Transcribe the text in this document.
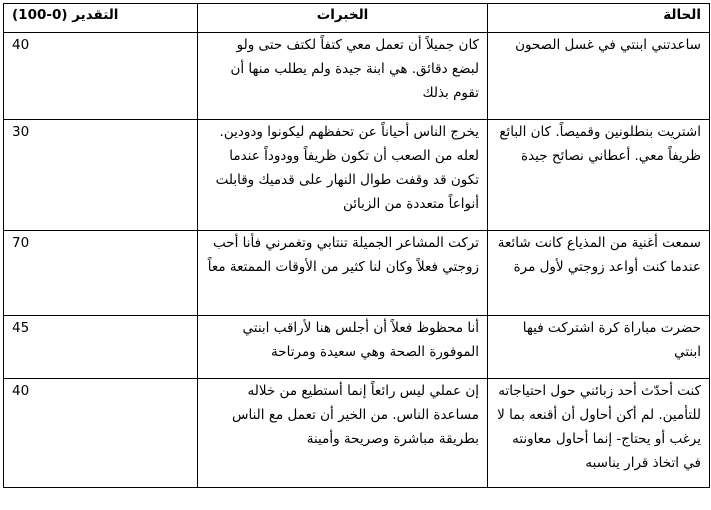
الحالة	الخبرات	التقدير (0-100)
ساعدتني ابنتي في غسل الصحون	كان جميلاً أن تعمل معي كتفاً لكتف حتى ولو لبضع دقائق. هي ابنة جيدة ولم يطلب منها أن تقوم بذلك	40
اشتريت بنطلونين وقميصاً. كان البائع ظريفاً معي. أعطاني نصائح جيدة	يخرج الناس أحياناً عن تحفظهم ليكونوا ودودين. لعله من الصعب أن تكون ظريفاً وودوداً عندما تكون قد وقفت طوال النهار على قدميك وقابلت أنواعاً متعددة من الزبائن	30
سمعت أغنية من المذياع كانت شائعة عندما كنت أواعد زوجتي لأول مرة	تركت المشاعر الجميلة تنتابي وتغمرني فأنا أحب زوجتي فعلاً وكان لنا كثير من الأوقات الممتعة معاً	70
حضرت مباراة كرة اشتركت فيها ابنتي	أنا محظوظ فعلاً أن أجلس هنا لأراقب ابنتي الموفورة الصحة وهي سعيدة ومرتاحة	45
كنت أحدّث أحد زبائني حول احتياجاته للتأمين. لم أكن أحاول أن أقنعه بما لا يرغب أو يحتاج- إنما أحاول معاونته في اتخاذ قرار يناسبه	إن عملي ليس رائعاً إنما أستطيع من خلاله مساعدة الناس. من الخير أن تعمل مع الناس بطريقة مباشرة وصريحة وأمينة	40
